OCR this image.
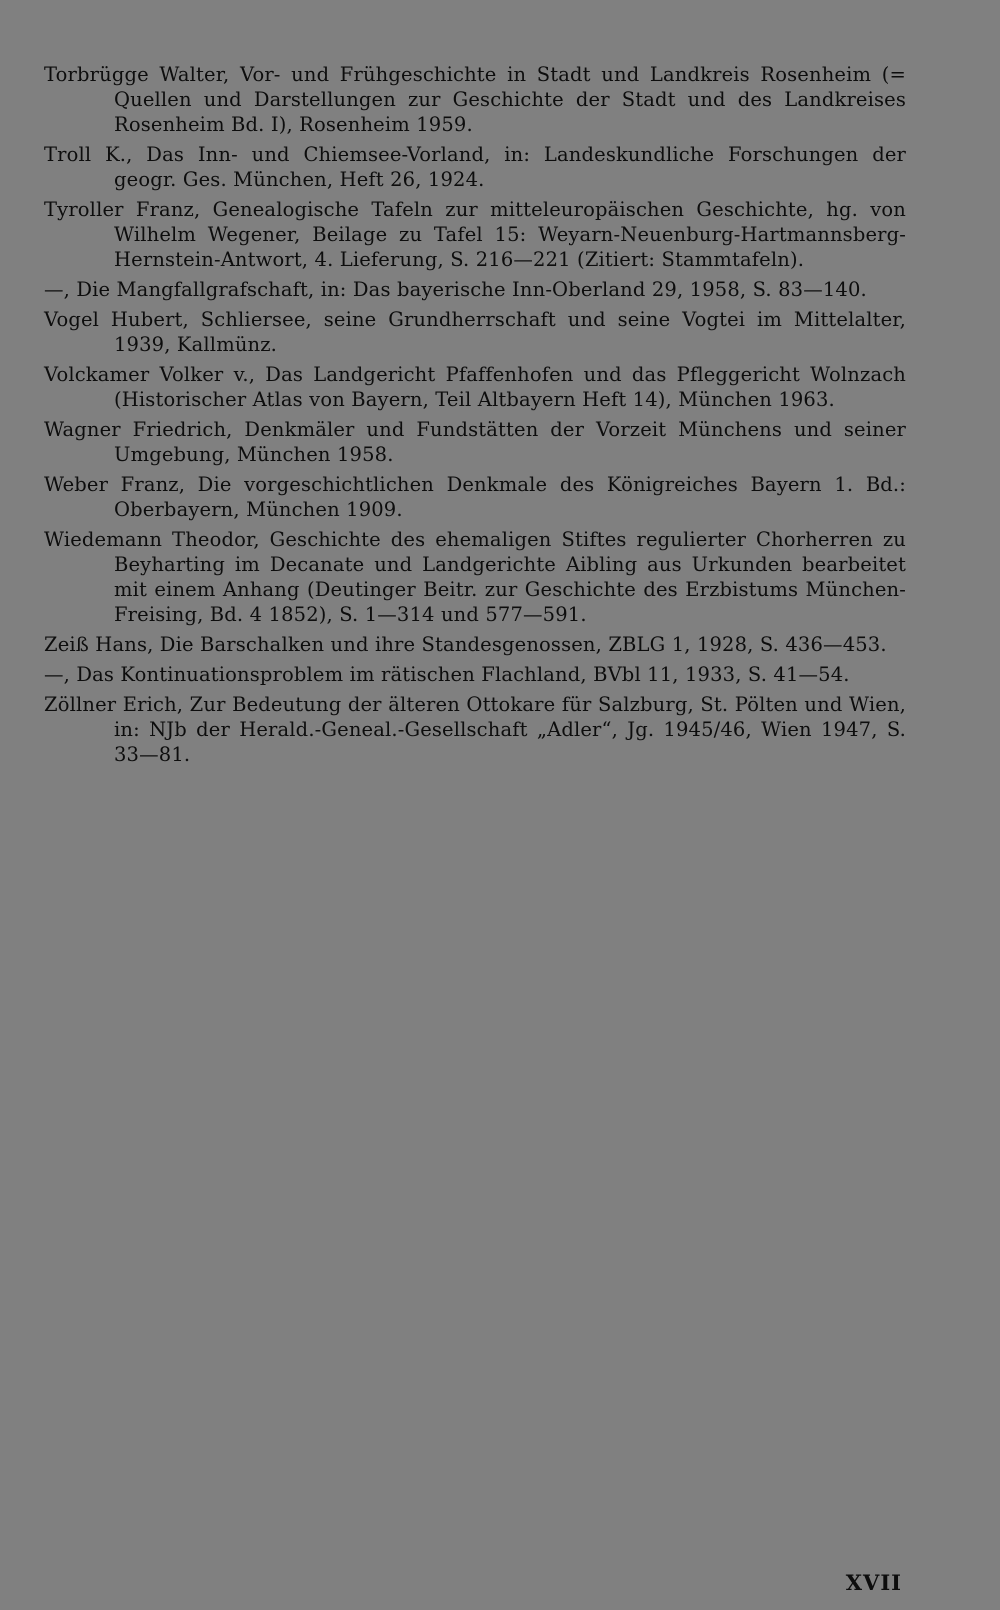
Torbrügge Walter, Vor- und Frühgeschichte in Stadt und Landkreis Rosenheim (= Quellen und Darstellungen zur Geschichte der Stadt und des Landkreises Rosenheim Bd. I), Rosenheim 1959.
Troll K., Das Inn- und Chiemsee-Vorland, in: Landeskundliche Forschungen der geogr. Ges. München, Heft 26, 1924.
Tyroller Franz, Genealogische Tafeln zur mitteleuropäischen Geschichte, hg. von Wilhelm Wegener, Beilage zu Tafel 15: Weyarn-Neuenburg-Hartmannsberg-Hernstein-Antwort, 4. Lieferung, S. 216—221 (Zitiert: Stammtafeln).
—, Die Mangfallgrafschaft, in: Das bayerische Inn-Oberland 29, 1958, S. 83—140.
Vogel Hubert, Schliersee, seine Grundherrschaft und seine Vogtei im Mittelalter, 1939, Kallmünz.
Volckamer Volker v., Das Landgericht Pfaffenhofen und das Pfleggericht Wolnzach (Historischer Atlas von Bayern, Teil Altbayern Heft 14), München 1963.
Wagner Friedrich, Denkmäler und Fundstätten der Vorzeit Münchens und seiner Umgebung, München 1958.
Weber Franz, Die vorgeschichtlichen Denkmale des Königreiches Bayern 1. Bd.: Oberbayern, München 1909.
Wiedemann Theodor, Geschichte des ehemaligen Stiftes regulierter Chorherren zu Beyharting im Decanate und Landgerichte Aibling aus Urkunden bearbeitet mit einem Anhang (Deutinger Beitr. zur Geschichte des Erzbistums München-Freising, Bd. 4 1852), S. 1—314 und 577—591.
Zeiß Hans, Die Barschalken und ihre Standesgenossen, ZBLG 1, 1928, S. 436—453.
—, Das Kontinuationsproblem im rätischen Flachland, BVbl 11, 1933, S. 41—54.
Zöllner Erich, Zur Bedeutung der älteren Ottokare für Salzburg, St. Pölten und Wien, in: NJb der Herald.-Geneal.-Gesellschaft „Adler“, Jg. 1945/46, Wien 1947, S. 33—81.
XVII
